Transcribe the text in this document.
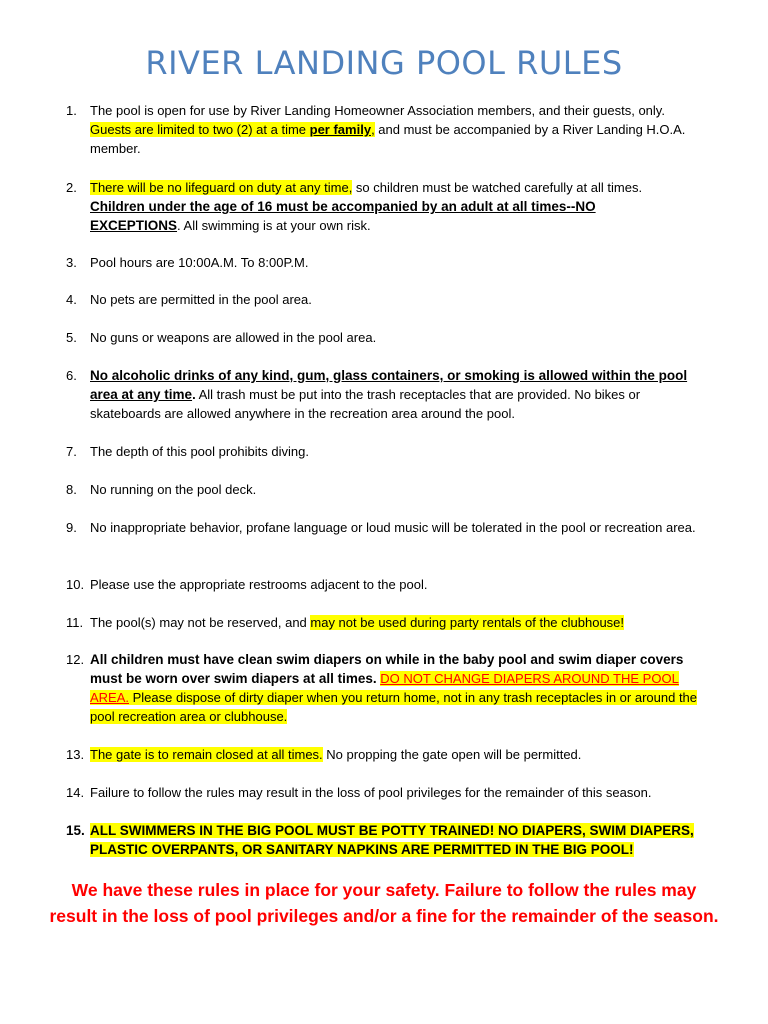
RIVER LANDING POOL RULES
1.	The pool is open for use by River Landing Homeowner Association members, and their guests, only.
Guests are limited to two (2) at a time per family, and must be accompanied by a River Landing H.O.A. member.
2.	There will be no lifeguard on duty at any time, so children must be watched carefully at all times.
Children under the age of 16 must be accompanied by an adult at all times--NO EXCEPTIONS. All swimming is at your own risk.
3.	Pool hours are 10:00A.M. To 8:00P.M.
4.	No pets are permitted in the pool area.
5.	No guns or weapons are allowed in the pool area.
6. No alcoholic drinks of any kind, gum, glass containers, or smoking is allowed within the pool area at any time. All trash must be put into the trash receptacles that are provided. No bikes or skateboards are allowed anywhere in the recreation area around the pool.
7.	The depth of this pool prohibits diving.
8.	No running on the pool deck.
9.	No inappropriate behavior, profane language or loud music will be tolerated in the pool or recreation area.
10. Please use the appropriate restrooms adjacent to the pool.
11. The pool(s) may not be reserved, and may not be used during party rentals of the clubhouse!
12. All children must have clean swim diapers on while in the baby pool and swim diaper covers must be worn over swim diapers at all times. DO NOT CHANGE DIAPERS AROUND THE POOL AREA. Please dispose of dirty diaper when you return home, not in any trash receptacles in or around the pool recreation area or clubhouse.
13. The gate is to remain closed at all times. No propping the gate open will be permitted.
14. Failure to follow the rules may result in the loss of pool privileges for the remainder of this season.
15. ALL SWIMMERS IN THE BIG POOL MUST BE POTTY TRAINED! NO DIAPERS, SWIM DIAPERS, PLASTIC OVERPANTS, OR SANITARY NAPKINS ARE PERMITTED IN THE BIG POOL!
We have these rules in place for your safety. Failure to follow the rules may
result in the loss of pool privileges and/or a fine for the remainder of the season.
